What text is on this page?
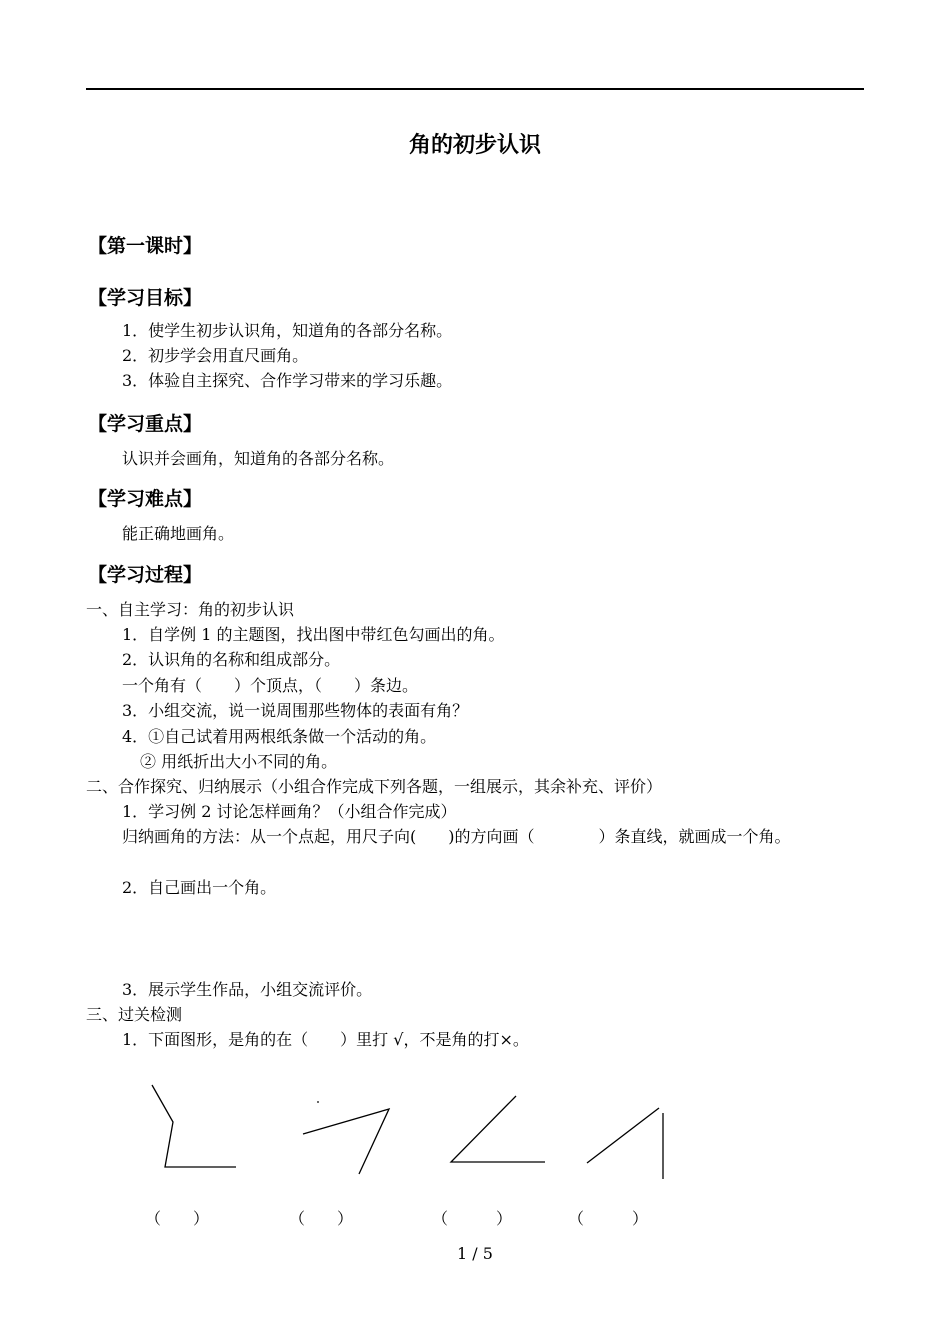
角的初步认识
【第一课时】
【学习目标】
1．使学生初步认识角，知道角的各部分名称。
2．初步学会用直尺画角。
3．体验自主探究、合作学习带来的学习乐趣。
【学习重点】
认识并会画角，知道角的各部分名称。
【学习难点】
能正确地画角。
【学习过程】
一、自主学习：角的初步认识
1．自学例 1 的主题图，找出图中带红色勾画出的角。
2．认识角的名称和组成部分。
一个角有（　　）个顶点，（　　）条边。
3．小组交流，说一说周围那些物体的表面有角？
4．①自己试着用两根纸条做一个活动的角。
② 用纸折出大小不同的角。
二、合作探究、归纳展示（小组合作完成下列各题，一组展示，其余补充、评价）
1．学习例 2 讨论怎样画角？（小组合作完成）
归纳画角的方法：从一个点起，用尺子向(　　)的方向画（　　　　）条直线，就画成一个角。
2．自己画出一个角。
3．展示学生作品，小组交流评价。
三、过关检测
1．下面图形，是角的在（　　）里打 √，不是角的打×。
（　　）	（　　）	（　　　）	（　　　）
1 / 5
